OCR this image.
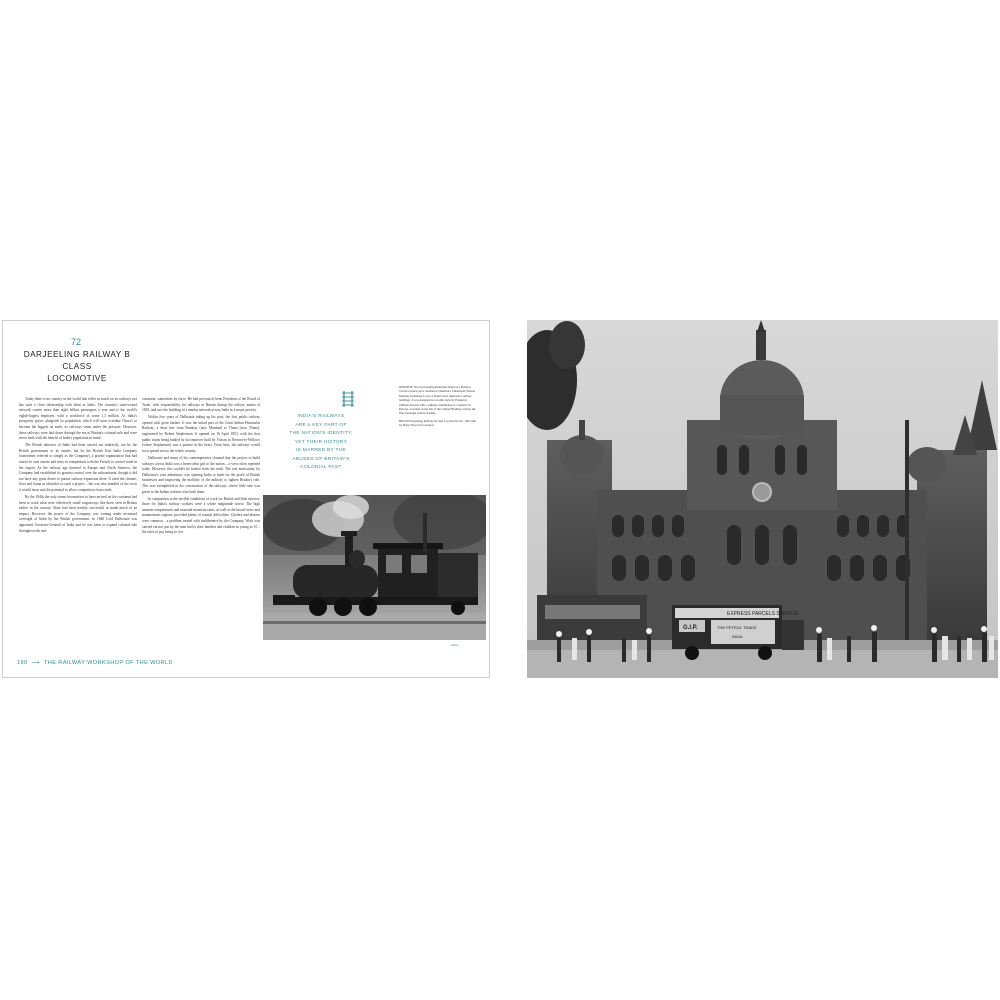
72
DARJEELING RAILWAY B CLASS
LOCOMOTIVE

Today there is no country in the world that relies as much on its railways nor has such a close relationship with them as India. The country's state-owned network carries more than eight billion passengers a year and is the world's eighth-largest employer, with a workforce of some 1.3 million. As India's prosperity grows alongside its population, which will soon overtake China's to become the biggest on earth, its railways strain under the pressure. However, these railways were laid down through the era of Britain's colonial rule and were never built with the benefit of India's population in mind.

The British takeover of India had been carried out indirectly, not by the British government or its armies, but by the British East India Company (sometimes referred to simply as the Company), a private organization that had raised its own armies and navy in competition with the French to control trade in the region. As the railway age dawned in Europe and North America, the Company had established its greatest control over the subcontinent, though it did not have any great desire to pursue railway expansion there. It cited the climate, flora and fauna as obstacles to such a project – but was also mindful of the costs it would incur and the potential to allow competition from rivals.

By the 1840s the only steam locomotives to have arrived on the continent had been to work what were effectively small wagonways like those seen in Britain earlier in the century. None had been terribly successful or made much of an impact. However, the power of the Company was waning under increased oversight of India by the British government. In 1848 Lord Dalhousie was appointed Governor-General of India and he was keen to expand colonial rule throughout the sub-

continent, sometimes by force. He had previously been President of the Board of Trade, with responsibility for railways in Britain during the railway mania of 1845, and saw the building of a similar network across India as a major priority.

Within five years of Dalhousie taking up his post, the first public railway opened with great fanfare. It was the initial part of the Great Indian Peninsular Railway, a short line from Bombay (now Mumbai) to Thana (now Thane), engineered by Robert Stephenson. It opened on 16 April 1853, with the first public trains being hauled by locomotives built by Vulcan in Newton-le-Willows (where Stephenson) was a partner in the firm). From here, the railways would soon spread across the whole country.

Dalhousie and many of his contemporaries claimed that the project to build railways across India was a benevolent gift to the nation – a view often repeated today. However, this couldn't be further from the truth. The real motivation, by Dalhousie's own admission, was opening India to trade for the profit of British businesses and improving the mobility of the military to tighten Britain's rule. This was exemplified in the construction of the railways, where little care was given to the Indian workers who built them.

In comparison to the terrible conditions of work for British and Irish navvies, those for India's railway workers were a whole magnitude worse. The high summer temperatures and seasonal monsoon rains, as well as the broad rivers and mountainous regions, provided plenty of natural difficulties. Cholera and disease were common – a problem treated with indifference by the Company. Work was carried out not just by the men but by their families and children as young as 10 – the rules of pay being so low

INDIA'S RAILWAYS
ARE A KEY PART OF
THE NATION'S IDENTITY,
YET THEIR HISTORY
IS MARRED BY THE
ABUSES OF BRITAIN'S
COLONIAL PAST

OPPOSITE The Great Indian Peninsular Railway's Bombay Victoria station (now renamed to Mumbai's Chhatrapati Shivaji Maharaj Terminus) is one of India's most impressive railway buildings. It was designed in a Gothic style by Frederick William Stevens with a striking resemblance to London's St Pancras. It stands on the site of the original Bombay station, the first passenger station in India.

BELOW Darjeeling Railway B-class Locomotive No. 186, built by Sharp Stewart in Glasgow.

Alamy
190 ⟶ THE RAILWAY WORKSHOP OF THE WORLD
EXPRESS PARCELS SERVICE
G.I.P.	THE PETROL TRADE
INDIA
